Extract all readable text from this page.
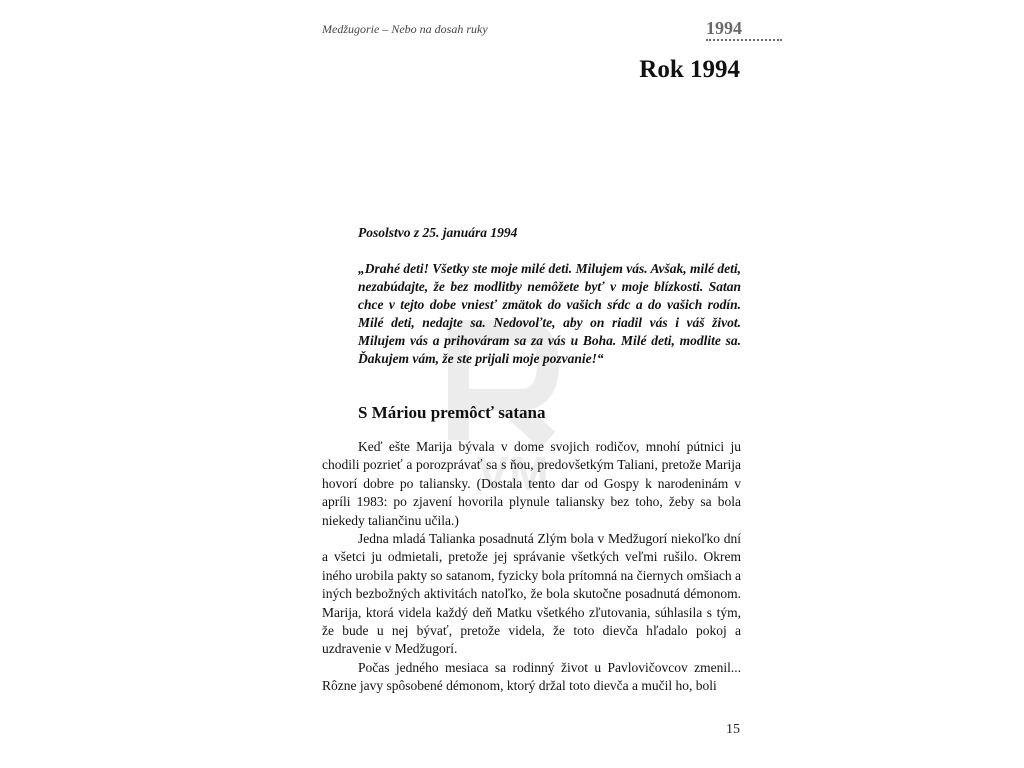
Medžugorie – Nebo na dosah ruky	1994
Rok 1994
VM
Posolstvo z 25. januára 1994
„Drahé deti! Všetky ste moje milé deti. Milujem vás. Avšak, milé deti, nezabúdajte, že bez modlitby nemôžete byť v moje blízkosti. Satan chce v tejto dobe vniesť zmätok do vašich sŕdc a do vašich rodín. Milé deti, nedajte sa. Nedovoľte, aby on riadil vás i váš život. Milujem vás a prihováram sa za vás u Boha. Milé deti, modlite sa. Ďakujem vám, že ste prijali moje pozvanie!“
S Máriou premôcť satana

Keď ešte Marija bývala v dome svojich rodičov, mnohí pútnici ju chodili pozrieť a porozprávať sa s ňou, predovšetkým Taliani, pretože Marija hovorí dobre po taliansky. (Dostala tento dar od Gospy k narodeninám v apríli 1983: po zjavení hovorila plynule taliansky bez toho, žeby sa bola niekedy taliančinu učila.)

Jedna mladá Talianka posadnutá Zlým bola v Medžugorí niekoľko dní a všetci ju odmietali, pretože jej správanie všetkých veľmi rušilo. Okrem iného urobila pakty so satanom, fyzicky bola prítomná na čiernych omšiach a iných bezbožných aktivitách natoľko, že bola skutočne posadnutá démonom. Marija, ktorá videla každý deň Matku všetkého zľutovania, súhlasila s tým, že bude u nej bývať, pretože videla, že toto dievča hľadalo pokoj a uzdravenie v Medžugorí.

Počas jedného mesiaca sa rodinný život u Pavlovičovcov zmenil... Rôzne javy spôsobené démonom, ktorý držal toto dievča a mučil ho, boli

15
